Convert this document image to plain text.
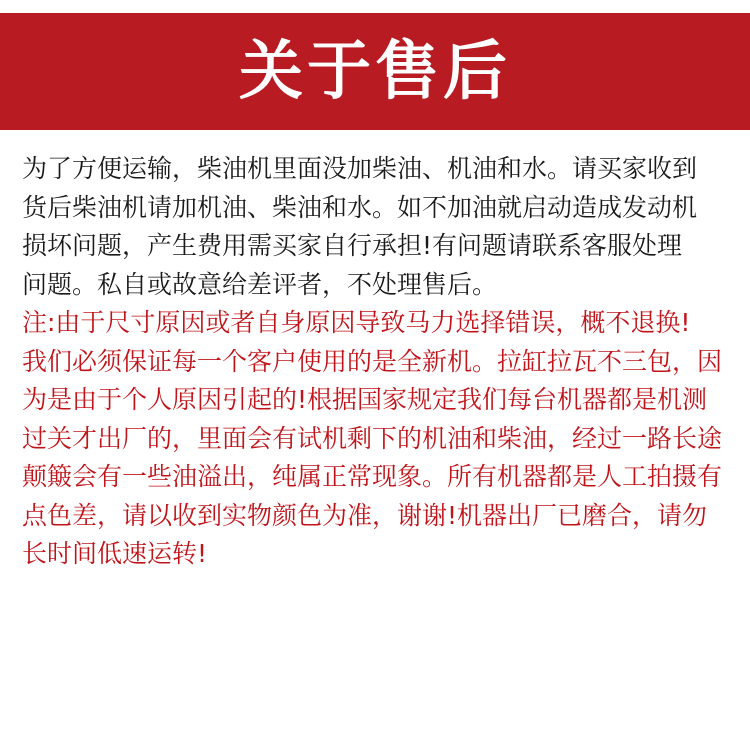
关于售后
为了方便运输，柴油机里面没加柴油、机油和水。请买家收到
货后柴油机请加机油、柴油和水。如不加油就启动造成发动机
损坏问题，产生费用需买家自行承担!有问题请联系客服处理
问题。私自或故意给差评者，不处理售后。
注:由于尺寸原因或者自身原因导致马力选择错误，概不退换!
我们必须保证每一个客户使用的是全新机。拉缸拉瓦不三包，因
为是由于个人原因引起的!根据国家规定我们每台机器都是机测
过关才出厂的，里面会有试机剩下的机油和柴油，经过一路长途
颠簸会有一些油溢出，纯属正常现象。所有机器都是人工拍摄有
点色差，请以收到实物颜色为准，谢谢!机器出厂已磨合，请勿
长时间低速运转!
